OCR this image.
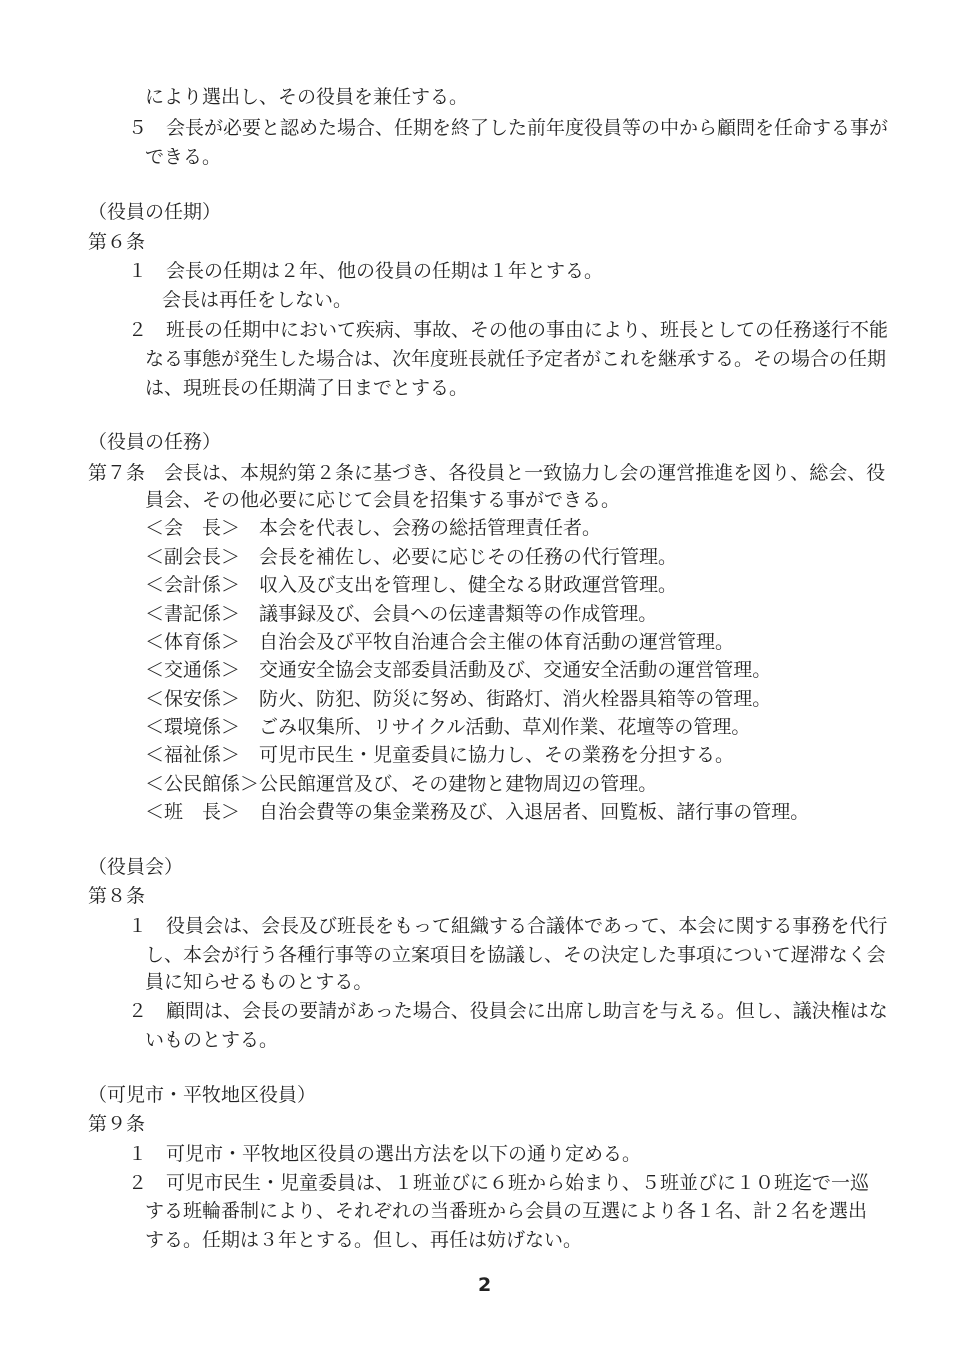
により選出し、その役員を兼任する。
５　会長が必要と認めた場合、任期を終了した前年度役員等の中から顧問を任命する事が
できる。
（役員の任期）
第６条
１　会長の任期は２年、他の役員の任期は１年とする。
会長は再任をしない。
２　班長の任期中において疾病、事故、その他の事由により、班長としての任務遂行不能
なる事態が発生した場合は、次年度班長就任予定者がこれを継承する。その場合の任期
は、現班長の任期満了日までとする。
（役員の任務）
第７条　会長は、本規約第２条に基づき、各役員と一致協力し会の運営推進を図り、総会、役
員会、その他必要に応じて会員を招集する事ができる。
＜会　長＞　本会を代表し、会務の総括管理責任者。
＜副会長＞　会長を補佐し、必要に応じその任務の代行管理。
＜会計係＞　収入及び支出を管理し、健全なる財政運営管理。
＜書記係＞　議事録及び、会員への伝達書類等の作成管理。
＜体育係＞　自治会及び平牧自治連合会主催の体育活動の運営管理。
＜交通係＞　交通安全協会支部委員活動及び、交通安全活動の運営管理。
＜保安係＞　防火、防犯、防災に努め、街路灯、消火栓器具箱等の管理。
＜環境係＞　ごみ収集所、リサイクル活動、草刈作業、花壇等の管理。
＜福祉係＞　可児市民生・児童委員に協力し、その業務を分担する。
＜公民館係＞公民館運営及び、その建物と建物周辺の管理。
＜班　長＞　自治会費等の集金業務及び、入退居者、回覧板、諸行事の管理。
（役員会）
第８条
１　役員会は、会長及び班長をもって組織する合議体であって、本会に関する事務を代行
し、本会が行う各種行事等の立案項目を協議し、その決定した事項について遅滞なく会
員に知らせるものとする。
２　顧問は、会長の要請があった場合、役員会に出席し助言を与える。但し、議決権はな
いものとする。
（可児市・平牧地区役員）
第９条
１　可児市・平牧地区役員の選出方法を以下の通り定める。
２　可児市民生・児童委員は、１班並びに６班から始まり、５班並びに１０班迄で一巡
する班輪番制により、それぞれの当番班から会員の互選により各１名、計２名を選出
する。任期は３年とする。但し、再任は妨げない。
2
